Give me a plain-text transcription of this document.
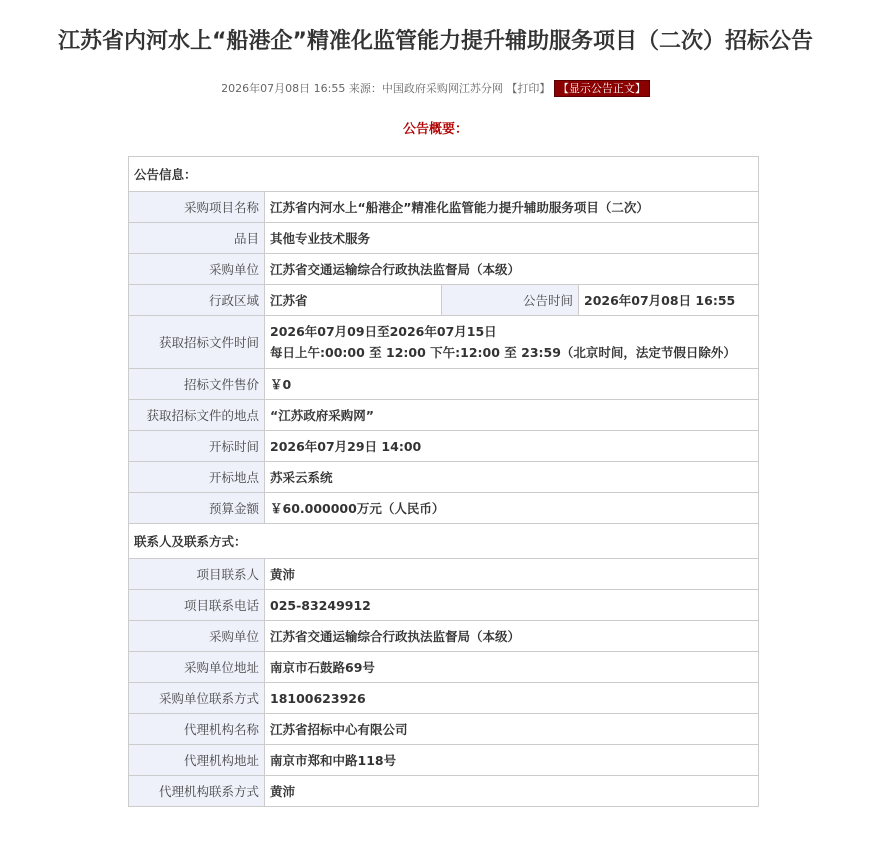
江苏省内河水上“船港企”精准化监管能力提升辅助服务项目（二次）招标公告
2026年07月08日 16:55 来源：中国政府采购网江苏分网 【打印】 【显示公告正文】
公告概要：
公告信息：			
采购项目名称	江苏省内河水上“船港企”精准化监管能力提升辅助服务项目（二次）		
品目	其他专业技术服务		
采购单位	江苏省交通运输综合行政执法监督局（本级）		
行政区域	江苏省	公告时间	2026年07月08日 16:55
获取招标文件时间	2026年07月09日至2026年07月15日
每日上午:00:00 至 12:00 下午:12:00 至 23:59（北京时间，法定节假日除外）		

招标文件售价	￥0		
获取招标文件的地点	“江苏政府采购网”		
开标时间	2026年07月29日 14:00		
开标地点	苏采云系统		
预算金额	￥60.000000万元（人民币）		
联系人及联系方式：			
项目联系人	黄沛		
项目联系电话	025-83249912		
采购单位	江苏省交通运输综合行政执法监督局（本级）		
采购单位地址	南京市石鼓路69号		
采购单位联系方式	18100623926		
代理机构名称	江苏省招标中心有限公司		
代理机构地址	南京市郑和中路118号		
代理机构联系方式	黄沛		
